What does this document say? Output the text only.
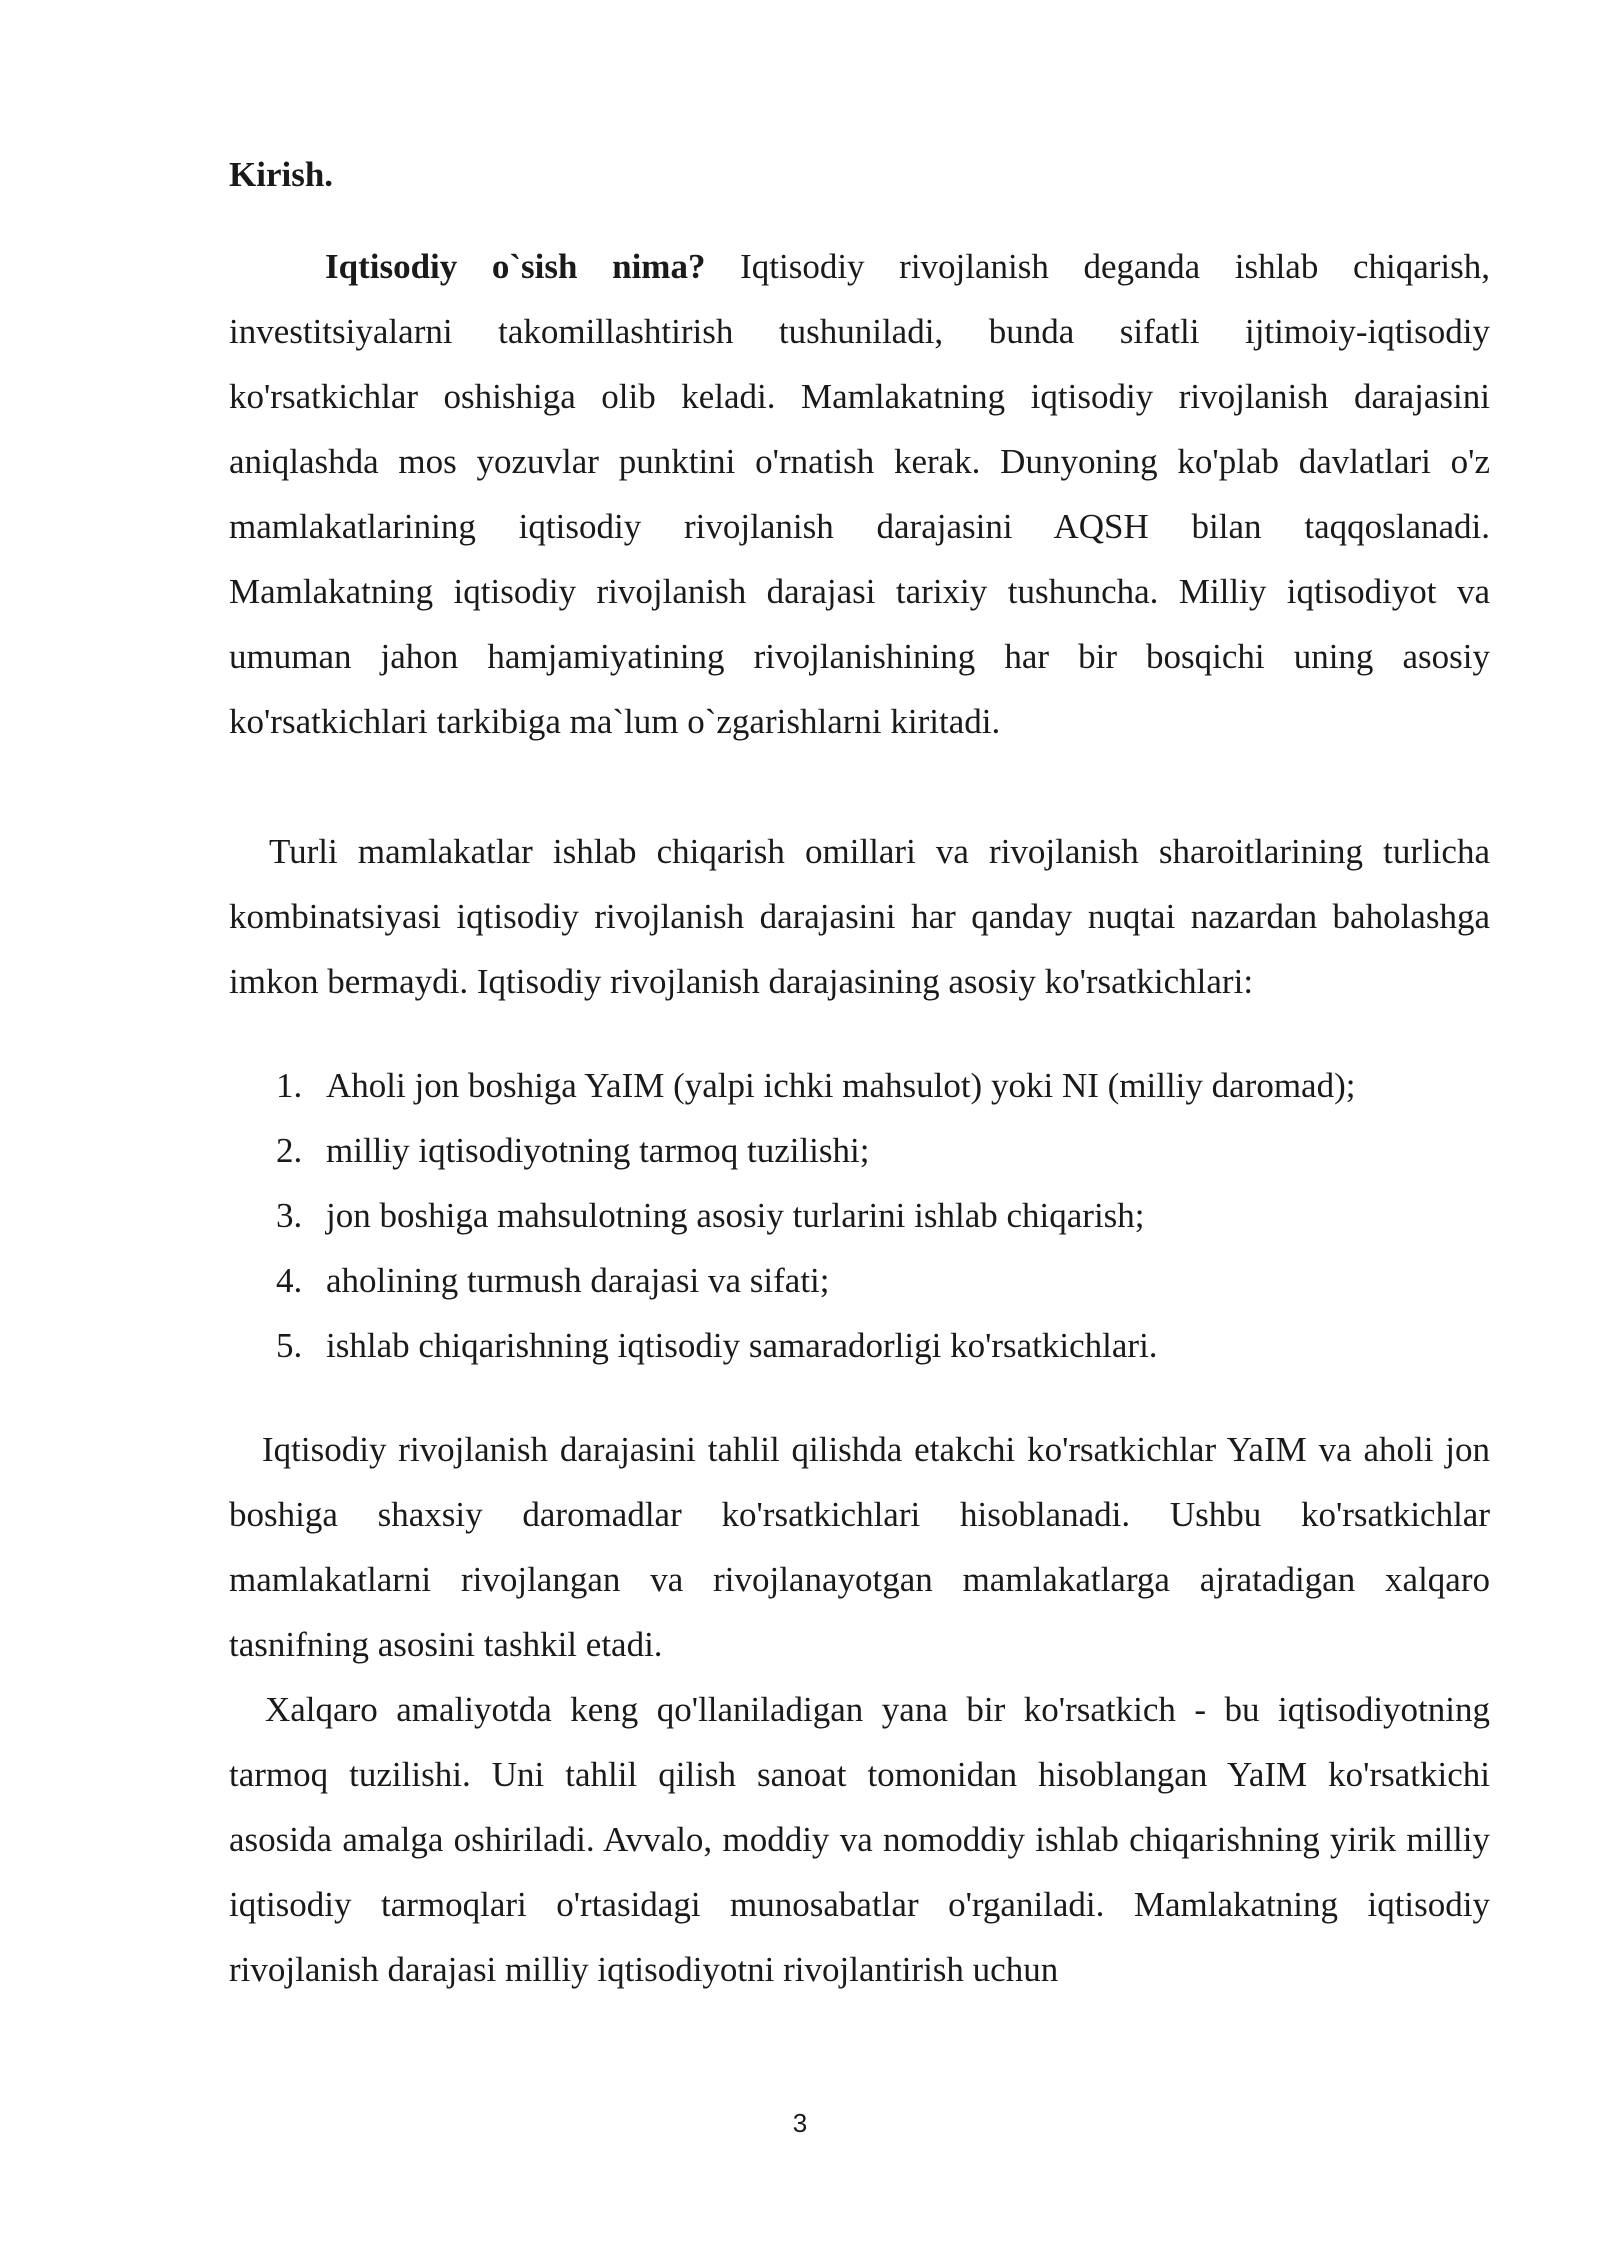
Kirish.

Iqtisodiy o`sish nima? Iqtisodiy rivojlanish deganda ishlab chiqarish, investitsiyalarni takomillashtirish tushuniladi, bunda sifatli ijtimoiy-iqtisodiy ko'rsatkichlar oshishiga olib keladi. Mamlakatning iqtisodiy rivojlanish darajasini aniqlashda mos yozuvlar punktini o'rnatish kerak. Dunyoning ko'plab davlatlari o'z mamlakatlarining iqtisodiy rivojlanish darajasini AQSH bilan taqqoslanadi. Mamlakatning iqtisodiy rivojlanish darajasi tarixiy tushuncha. Milliy iqtisodiyot va umuman jahon hamjamiyatining rivojlanishining har bir bosqichi uning asosiy ko'rsatkichlari tarkibiga ma`lum o`zgarishlarni kiritadi.

Turli mamlakatlar ishlab chiqarish omillari va rivojlanish sharoitlarining turlicha kombinatsiyasi iqtisodiy rivojlanish darajasini har qanday nuqtai nazardan baholashga imkon bermaydi. Iqtisodiy rivojlanish darajasining asosiy ko'rsatkichlari:

1. Aholi jon boshiga YaIM (yalpi ichki mahsulot) yoki NI (milliy daromad);
2. milliy iqtisodiyotning tarmoq tuzilishi;
3. jon boshiga mahsulotning asosiy turlarini ishlab chiqarish;
4. aholining turmush darajasi va sifati;
5. ishlab chiqarishning iqtisodiy samaradorligi ko'rsatkichlari.

Iqtisodiy rivojlanish darajasini tahlil qilishda etakchi ko'rsatkichlar YaIM va aholi jon boshiga shaxsiy daromadlar ko'rsatkichlari hisoblanadi. Ushbu ko'rsatkichlar mamlakatlarni rivojlangan va rivojlanayotgan mamlakatlarga ajratadigan xalqaro tasnifning asosini tashkil etadi.

Xalqaro amaliyotda keng qo'llaniladigan yana bir ko'rsatkich - bu iqtisodiyotning tarmoq tuzilishi. Uni tahlil qilish sanoat tomonidan hisoblangan YaIM ko'rsatkichi asosida amalga oshiriladi. Avvalo, moddiy va nomoddiy ishlab chiqarishning yirik milliy iqtisodiy tarmoqlari o'rtasidagi munosabatlar o'rganiladi. Mamlakatning iqtisodiy rivojlanish darajasi milliy iqtisodiyotni rivojlantirish uchun

3
